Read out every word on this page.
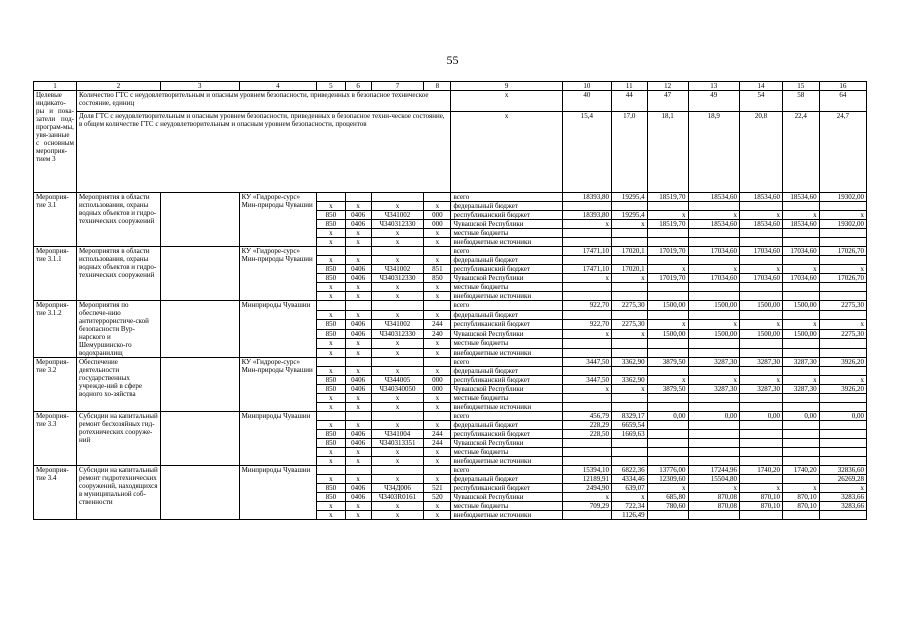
55
1	2	3	4	5	6	7	8	9	10	11	12	13	14	15	16
Целевые индикато-ры и пока-затели под-програм-мы, увя-занные с основным мероприя-тием 3	Количество ГТС с неудовлетворительным и опасным уровнем безопасности, приведенных в безопасное техническое состояние, единиц							x	40	44	47	49	54	58	64
	Доля ГТС с неудовлетворительным и опасным уровнем безопасности, приведенных в безопасное техни-ческое состояние, в общем количестве ГТС с неудовлетворительным и опасным уровнем безопасности, процентов							x	15,4	17,0	18,1	18,9	20,8	22,4	24,7
Мероприя-тие 3.1	Мероприятия в области использования, охраны водных объектов и гидро-технических сооружений		КУ «Гидроре-сурс» Мин-природы Чувашии					всего	18393,80	19295,4	18519,70	18534,60	18534,60	18534,60	19302,00
				x	x	x	x	федеральный бюджет							
				850	0406	Ч341002	000	республиканский бюджет	18393,80	19295,4	x	x	x	x	x
				850	0406	Ч340312330	000	Чувашской Республики	x	x	18519,70	18534,60	18534,60	18534,60	19302,00
				x	x	x	x	местные бюджеты							
				x	x	x	x	внебюджетные источники							
Мероприя-тие 3.1.1	Мероприятия в области использования, охраны водных объектов и гидро-технических сооружений		КУ «Гидроре-сурс» Мин-природы Чувашии					всего	17471,10	17020,1	17019,70	17034,60	17034,60	17034,60	17026,70
				x	x	x	x	федеральный бюджет							
				850	0406	Ч341002	851	республиканский бюджет	17471,10	17020,1	x	x	x	x	x
				850	0406	Ч340312330	850	Чувашской Республики	x	x	17019,70	17034,60	17034,60	17034,60	17026,70
				x	x	x	x	местные бюджеты							
				x	x	x	x	внебюджетные источники							
Мероприя-тие 3.1.2	Мероприятия по обеспече-нию антитеррористиче-ской безопасности Вур-нарского и Шемуршинско-го водохранилищ		Минприроды Чувашии					всего	922,70	2275,30	1500,00	1500,00	1500,00	1500,00	2275,30
				x	x	x	x	федеральный бюджет							
				850	0406	Ч341002	244	республиканский бюджет	922,70	2275,30	x	x	x	x	x
				850	0406	Ч340312330	240	Чувашской Республики	x	x	1500,00	1500,00	1500,00	1500,00	2275,30
				x	x	x	x	местные бюджеты							
				x	x	x	x	внебюджетные источники							
Мероприя-тие 3.2	Обеспечение деятельности государственных учрежде-ний в сфере водного хо-зяйства		КУ «Гидроре-сурс» Мин-природы Чувашии					всего	3447,50	3362,90	3879,50	3287,30	3287,30	3287,30	3926,20
				x	x	x	x	федеральный бюджет							
				850	0406	Ч344005	000	республиканский бюджет	3447,50	3362,90	x	x	x	x	x
				850	0406	Ч340340050	000	Чувашской Республики	x	x	3879,50	3287,30	3287,30	3287,30	3926,20
				x	x	x	x	местные бюджеты							
				x	x	x	x	внебюджетные источники							
Мероприя-тие 3.3	Субсидии на капитальный ремонт бесхозяйных гид-ротехнических сооруже-ний		Минприроды Чувашии					всего	456,79	8329,17	0,00	0,00	0,00	0,00	0,00
				x	x	x	x	федеральный бюджет	228,29	6659,54					
				850	0406	Ч341004	244	республиканский бюджет	228,50	1669,63					
				850	0406	Ч340313351	244	Чувашской Республики							
				x	x	x	x	местные бюджеты							
				x	x	x	x	внебюджетные источники							
Мероприя-тие 3.4	Субсидии на капитальный ремонт гидротехнических сооружений, находящихся в муниципальной соб-ственности		Минприроды Чувашии					всего	15394,10	6822,36	13776,00	17244,96	1740,20	1740,20	32836,60
				x	x	x	x	федеральный бюджет	12189,91	4334,46	12309,60	15504,80			26269,28
				850	0406	Ч34Д006	521	республиканский бюджет	2494,90	639,07	x	x	x	x	x
				850	0406	Ч3403R0161	520	Чувашской Республики	x	x	685,80	870,08	870,10	870,10	3283,66
				x	x	x	x	местные бюджеты	709,29	722,34	780,60	870,08	870,10	870,10	3283,66
				x	x	x	x	внебюджетные источники		1126,49					
